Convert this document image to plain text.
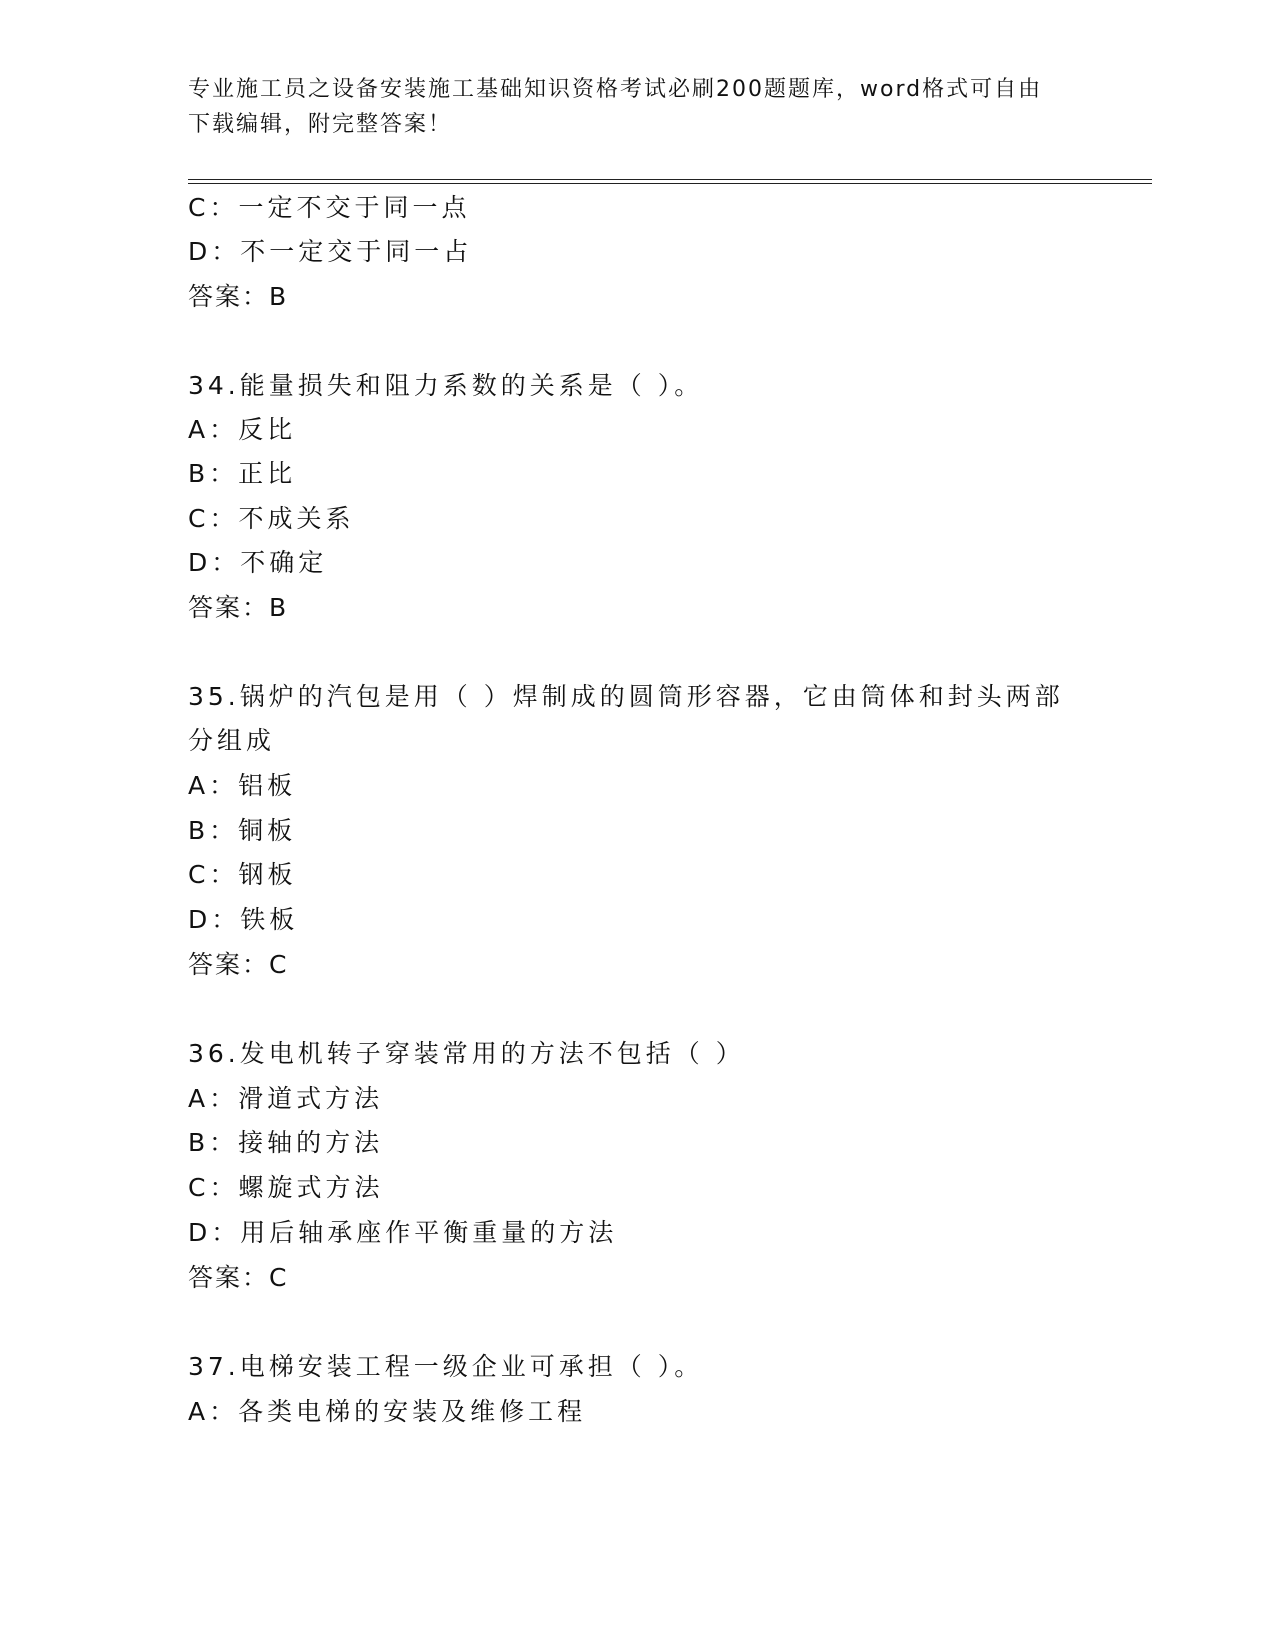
专业施工员之设备安装施工基础知识资格考试必刷200题题库，word格式可自由
下载编辑，附完整答案！

C：一定不交于同一点

D：不一定交于同一占

答案：B

34.能量损失和阻力系数的关系是（ ）。

A：反比

B：正比

C：不成关系

D：不确定

答案：B

35.锅炉的汽包是用（ ）焊制成的圆筒形容器，它由筒体和封头两部

分组成

A：铝板

B：铜板

C：钢板

D：铁板

答案：C

36.发电机转子穿装常用的方法不包括（ ）

A：滑道式方法

B：接轴的方法

C：螺旋式方法

D：用后轴承座作平衡重量的方法

答案：C

37.电梯安装工程一级企业可承担（ ）。

A：各类电梯的安装及维修工程
